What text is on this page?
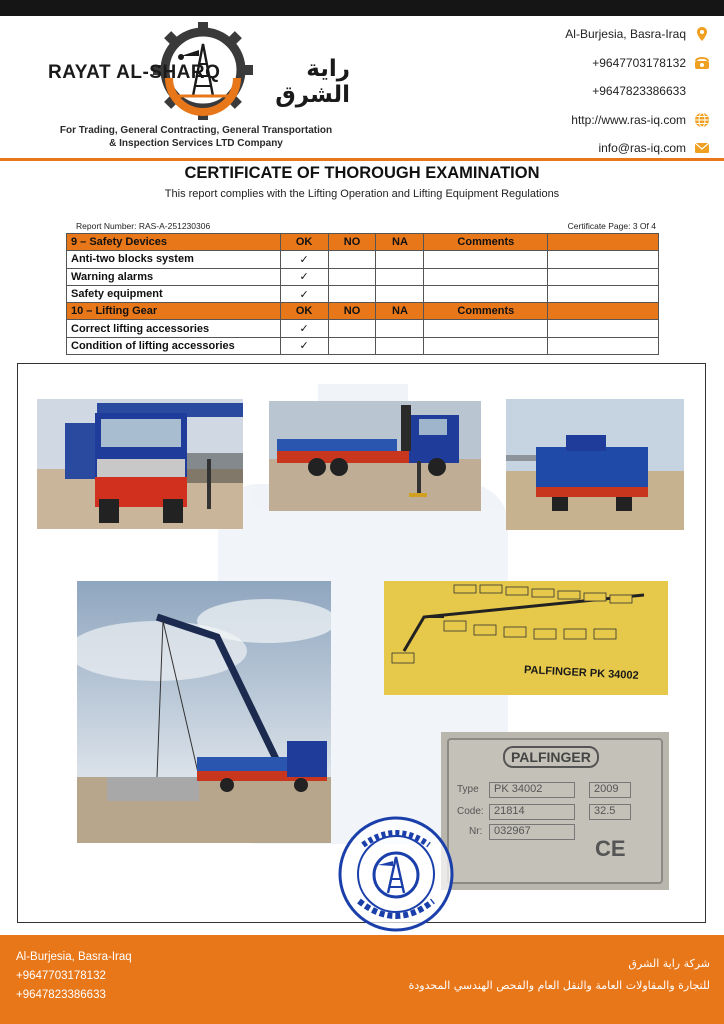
RAYAT AL-SHARQ	راية الشرق
For Trading, General Contracting, General Transportation
& Inspection Services LTD Company
Al-Burjesia, Basra-Iraq
+9647703178132
+9647823386633
http://www.ras-iq.com
info@ras-iq.com
CERTIFICATE OF THOROUGH EXAMINATION
This report complies with the Lifting Operation and Lifting Equipment Regulations
Report Number: RAS-A-251230306	Certificate Page: 3 Of 4
9 – Safety Devices	OK	NO	NA	Comments	
Anti-two blocks system	✓				
Warning alarms	✓				
Safety equipment	✓				
10 – Lifting Gear	OK	NO	NA	Comments	
Correct lifting accessories	✓				
Condition of lifting accessories	✓				
PALFINGER PK 34002
PALFINGER
Type	PK 34002	2009
Code: 21814	32.5
Nr:	032967
CE
Al-Burjesia, Basra-Iraq
+9647703178132
+9647823386633
شركة راية الشرق
للتجارة والمقاولات العامة والنقل العام والفحص الهندسي المحدودة
